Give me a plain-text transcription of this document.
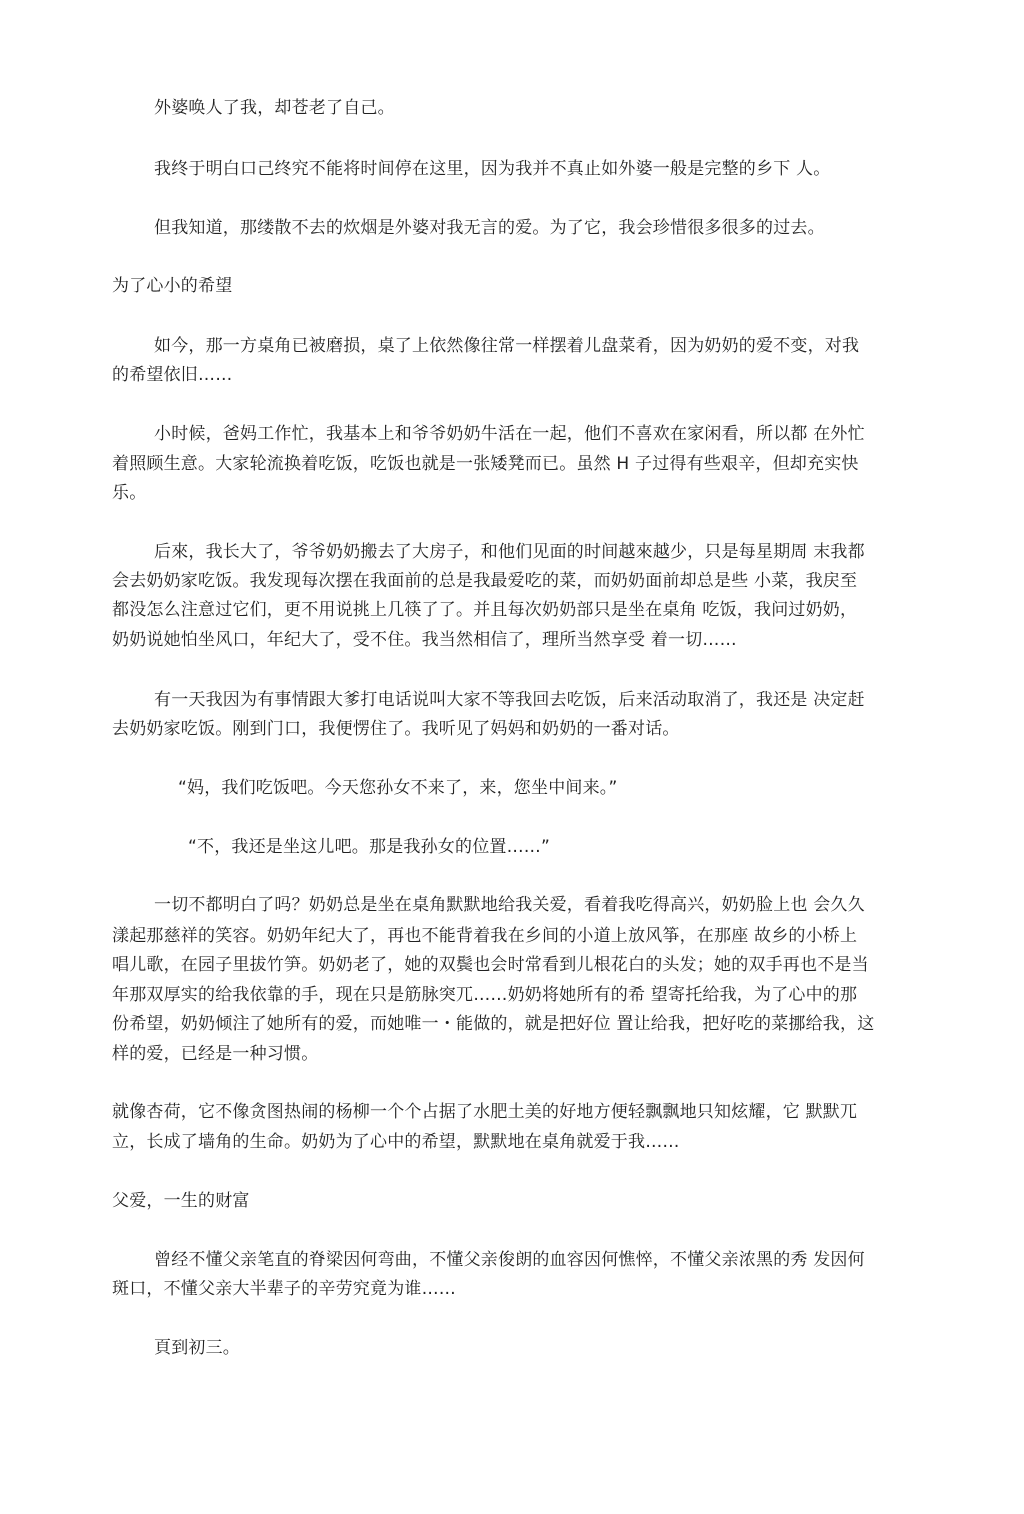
外婆唤人了我，却苍老了自己。
我终于明白口己终究不能将时间停在这里，因为我并不真止如外婆一般是完整的乡下 人。
但我知道，那缕散不去的炊烟是外婆对我无言的爱。为了它，我会珍惜很多很多的过去。
为了心小的希望
如今，那一方桌角已被磨损，桌了上依然像往常一样摆着儿盘菜肴，因为奶奶的爱不变，对我
的希望依旧……
小时候，爸妈工作忙，我基本上和爷爷奶奶牛活在一起，他们不喜欢在家闲看，所以都 在外忙
着照顾生意。大家轮流换着吃饭，吃饭也就是一张矮凳而已。虽然 H 子过得有些艰辛，但却充实快
乐。
后來，我长大了，爷爷奶奶搬去了大房子，和他们见面的时间越來越少，只是每星期周 末我都
会去奶奶家吃饭。我发现每次摆在我面前的总是我最爱吃的菜，而奶奶面前却总是些 小菜，我戻至
都没怎么注意过它们，更不用说挑上几筷了了。并且每次奶奶部只是坐在桌角 吃饭，我问过奶奶，
奶奶说她怕坐风口，年纪大了，受不住。我当然相信了，理所当然享受 着一切……
有一天我因为有事情跟大爹打电话说叫大家不等我回去吃饭，后来活动取消了，我还是 决定赶
去奶奶家吃饭。刚到门口，我便愣住了。我听见了妈妈和奶奶的一番对话。
“妈，我们吃饭吧。今天您孙女不来了，来，您坐中间来。”
“不，我还是坐这儿吧。那是我孙女的位置……”
一切不都明白了吗？奶奶总是坐在桌角默默地给我关爱，看着我吃得高兴，奶奶脸上也 会久久
漾起那慈祥的笑容。奶奶年纪大了，再也不能背着我在乡间的小道上放风筝，在那座 故乡的小桥上
唱儿歌，在园子里拔竹笋。奶奶老了，她的双鬓也会时常看到儿根花白的头发；她的双手再也不是当
年那双厚实的给我依靠的手，现在只是筋脉突兀……奶奶将她所有的希 望寄托给我，为了心中的那
份希望，奶奶倾注了她所有的爱，而她唯一・能做的，就是把好位 置让给我，把好吃的菜挪给我，这
样的爱，已经是一种习惯。
就像杏荷，它不像贪图热闹的杨柳一个个占据了水肥土美的好地方便轻飘飘地只知炫耀，它 默默兀
立，长成了墙角的生命。奶奶为了心中的希望，默默地在桌角就爱于我……
父爱，一生的财富
曾经不懂父亲笔直的脊梁因何弯曲，不懂父亲俊朗的血容因何憔悴，不懂父亲浓黑的秀 发因何
斑口，不懂父亲大半辈子的辛劳究竟为谁……
頁到初三。
